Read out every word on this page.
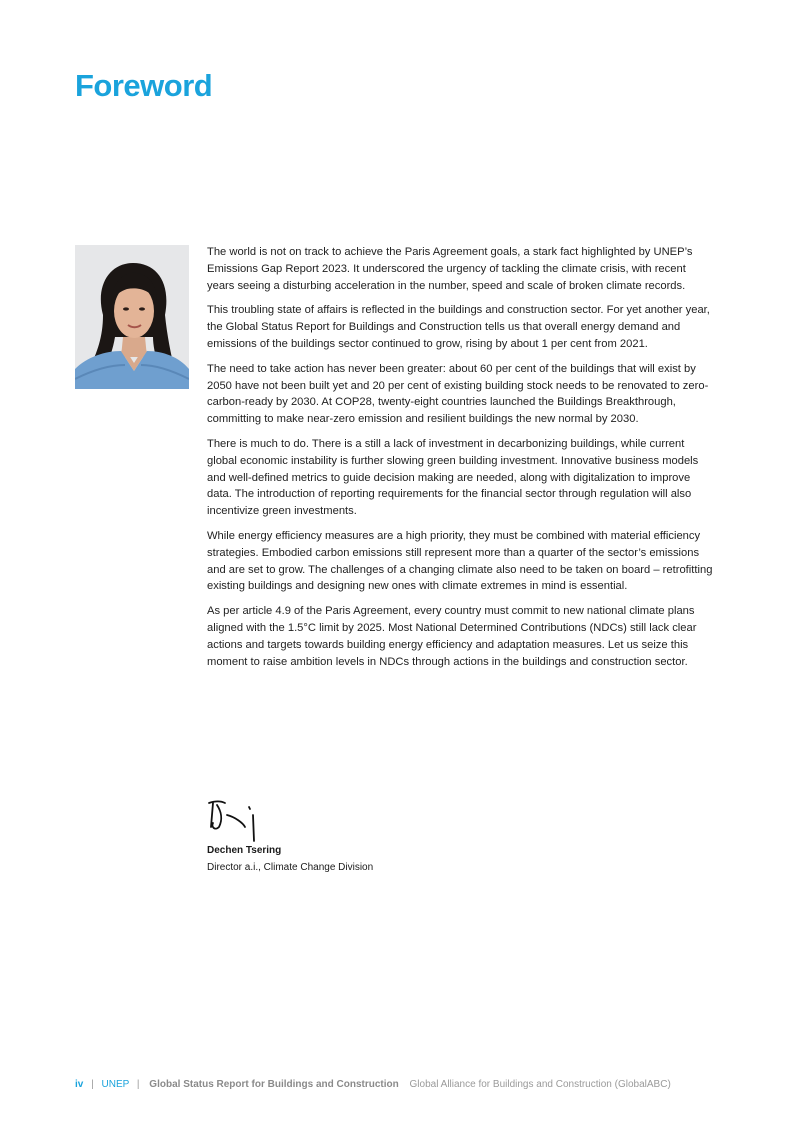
Foreword

The world is not on track to achieve the Paris Agreement goals, a stark fact highlighted by UNEP’s Emissions Gap Report 2023. It underscored the urgency of tackling the climate crisis, with recent years seeing a disturbing acceleration in the number, speed and scale of broken climate records.

This troubling state of affairs is reflected in the buildings and construction sector. For yet another year, the Global Status Report for Buildings and Construction tells us that overall energy demand and emissions of the buildings sector continued to grow, rising by about 1 per cent from 2021.

The need to take action has never been greater: about 60 per cent of the buildings that will exist by 2050 have not been built yet and 20 per cent of existing building stock needs to be renovated to zero-carbon-ready by 2030. At COP28, twenty-eight countries launched the Buildings Breakthrough, committing to make near-zero emission and resilient buildings the new normal by 2030.

There is much to do. There is a still a lack of investment in decarbonizing buildings, while current global economic instability is further slowing green building investment. Innovative business models and well-defined metrics to guide decision making are needed, along with digitalization to improve data. The introduction of reporting requirements for the financial sector through regulation will also incentivize green investments.

While energy efficiency measures are a high priority, they must be combined with material efficiency strategies. Embodied carbon emissions still represent more than a quarter of the sector’s emissions and are set to grow. The challenges of a changing climate also need to be taken on board – retrofitting existing buildings and designing new ones with climate extremes in mind is essential.

As per article 4.9 of the Paris Agreement, every country must commit to new national climate plans aligned with the 1.5°C limit by 2025. Most National Determined Contributions (NDCs) still lack clear actions and targets towards building energy efficiency and adaptation measures. Let us seize this moment to raise ambition levels in NDCs through actions in the buildings and construction sector.

Dechen Tsering
Director a.i., Climate Change Division
iv | UNEP | Global Status Report for Buildings and Construction Global Alliance for Buildings and Construction (GlobalABC)
